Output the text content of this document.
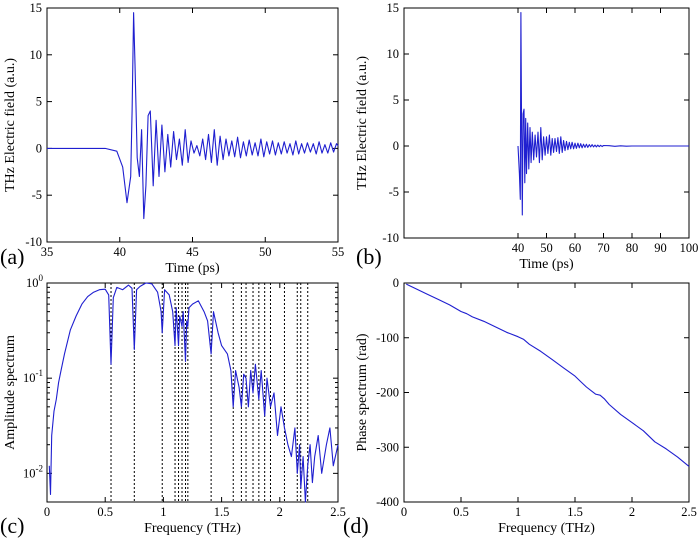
35	40	45	50	55
-10
-5
0
5
10
15
Time (ps)
THz Electric field (a.u.)
(a)	40 50 60 70 80 90 100
-10
-5
0
5
10
15
Time (ps)
THz Electric field (a.u.)
(b)
0	0.5	1	1.5	2	2.5
$10^0$
$10^{-1}$
$10^{-2}$
Frequency (THz)
Amplitude spectrum
(c)
0	0.5	1	1.5	2	2.5
-400
-300
-200
-100
0
Frequency (THz)
Phase spectrum (rad)
(d)
